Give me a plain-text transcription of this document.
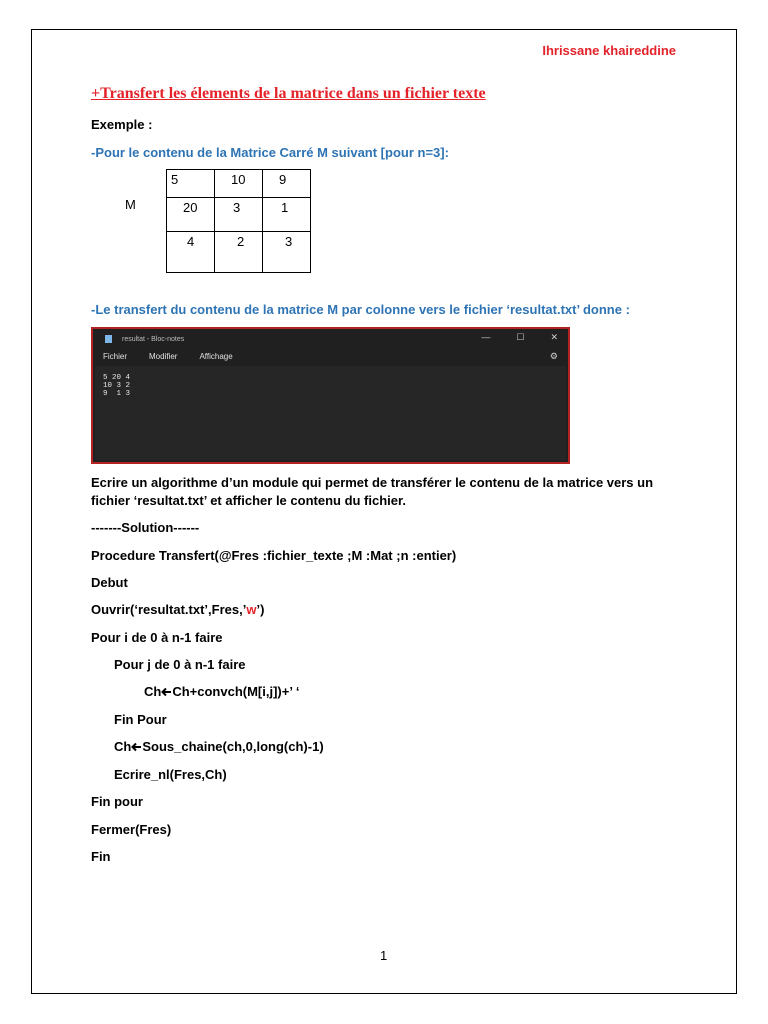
Ihrissane khaireddine
+Transfert les élements de la matrice dans un fichier texte
Exemple :
-Pour le contenu de la Matrice Carré M suivant [pour n=3]:
M
5	10	9
20	3	1
4	2	3
-Le transfert du contenu de la matrice M par colonne vers le fichier ‘resultat.txt’ donne :
resultat - Bloc-notes	—	☐	✕
Fichier	Modifier	Affichage	⚙
5 20 4
10 3 2
9  1 3
Ecrire un algorithme d’un module qui permet de transférer le contenu de la matrice vers un fichier ‘resultat.txt’ et afficher le contenu du fichier.
-------Solution------
Procedure Transfert(@Fres :fichier_texte ;M :Mat ;n :entier)
Debut
Ouvrir(‘resultat.txt’,Fres,’w’)
Pour i de 0 à n-1 faire
Pour j de 0 à n-1 faire
Ch Ch+convch(M[i,j])+’ ‘
Fin Pour
Ch Sous_chaine(ch,0,long(ch)-1)
Ecrire_nl(Fres,Ch)
Fin pour
Fermer(Fres)
Fin
1
